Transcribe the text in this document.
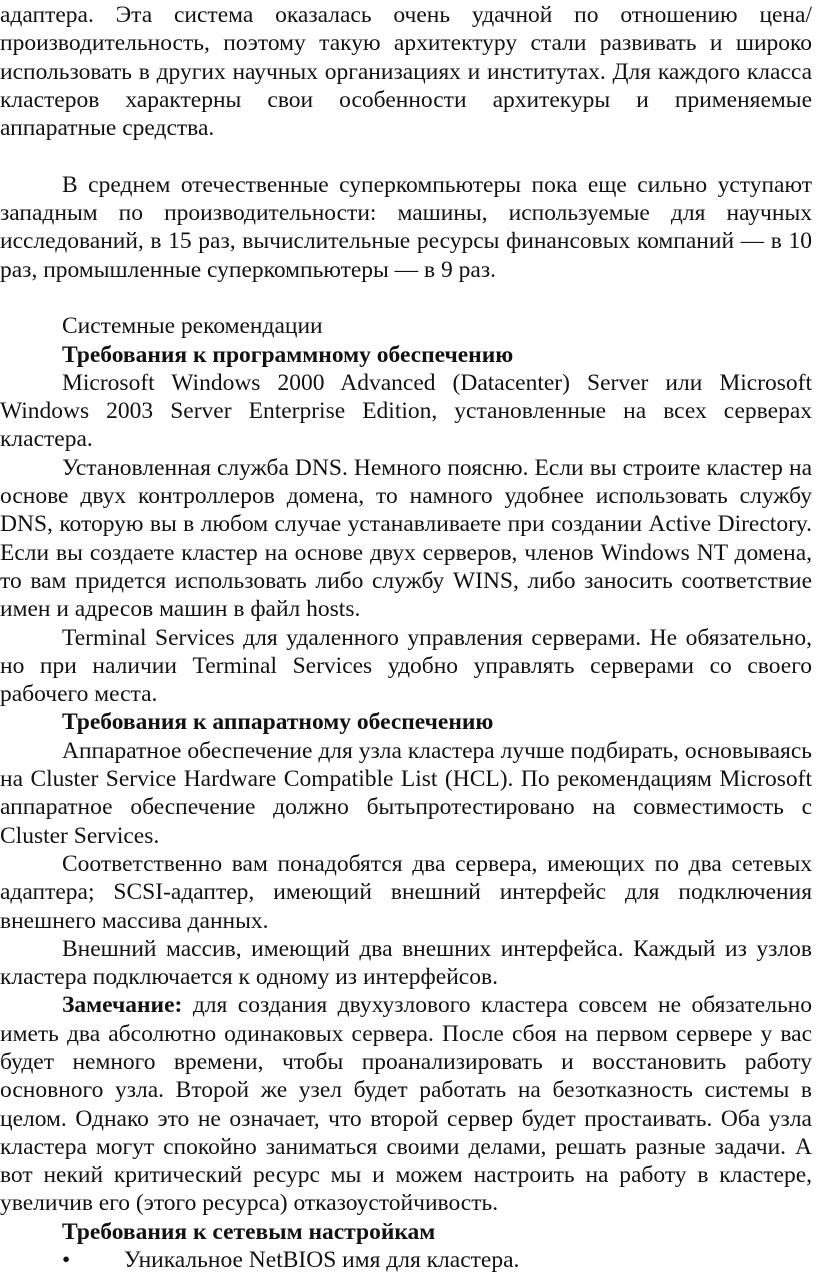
адаптера. Эта система оказалась очень удачной по отношению цена/производительность, поэтому такую архитектуру стали развивать и широко использовать в других научных организациях и институтах. Для каждого класса кластеров характерны свои особенности архитекуры и применяемые аппаратные средства.

В среднем отечественные суперкомпьютеры пока еще сильно уступают западным по производительности: машины, используемые для научных исследований, в 15 раз, вычислительные ресурсы финансовых компаний — в 10 раз, промышленные суперкомпьютеры — в 9 раз.

Системные рекомендации

Требования к программному обеспечению

Microsoft Windows 2000 Advanced (Datacenter) Server или Microsoft Windows 2003 Server Enterprise Edition, установленные на всех серверах кластера.

Установленная служба DNS. Немного поясню. Если вы строите кластер на основе двух контроллеров домена, то намного удобнее использовать службу DNS, которую вы в любом случае устанавливаете при создании Active Directory. Если вы создаете кластер на основе двух серверов, членов Windows NT домена, то вам придется использовать либо службу WINS, либо заносить соответствие имен и адресов машин в файл hosts.

Terminal Services для удаленного управления серверами. Не обязательно, но при наличии Terminal Services удобно управлять серверами со своего рабочего места.

Требования к аппаратному обеспечению

Аппаратное обеспечение для узла кластера лучше подбирать, основываясь на Cluster Service Hardware Compatible List (HCL). По рекомендациям Microsoft аппаратное обеспечение должно бытьпротестировано на совместимость с Cluster Services.

Соответственно вам понадобятся два сервера, имеющих по два сетевых адаптера; SCSI-адаптер, имеющий внешний интерфейс для подключения внешнего массива данных.

Внешний массив, имеющий два внешних интерфейса. Каждый из узлов кластера подключается к одному из интерфейсов.

Замечание: для создания двухузлового кластера совсем не обязательно иметь два абсолютно одинаковых сервера. После сбоя на первом сервере у вас будет немного времени, чтобы проанализировать и восстановить работу основного узла. Второй же узел будет работать на безотказность системы в целом. Однако это не означает, что второй сервер будет простаивать. Оба узла кластера могут спокойно заниматься своими делами, решать разные задачи. А вот некий критический ресурс мы и можем настроить на работу в кластере, увеличив его (этого ресурса) отказоустойчивость.

Требования к сетевым настройкам

• Уникальное NetBIOS имя для кластера.
